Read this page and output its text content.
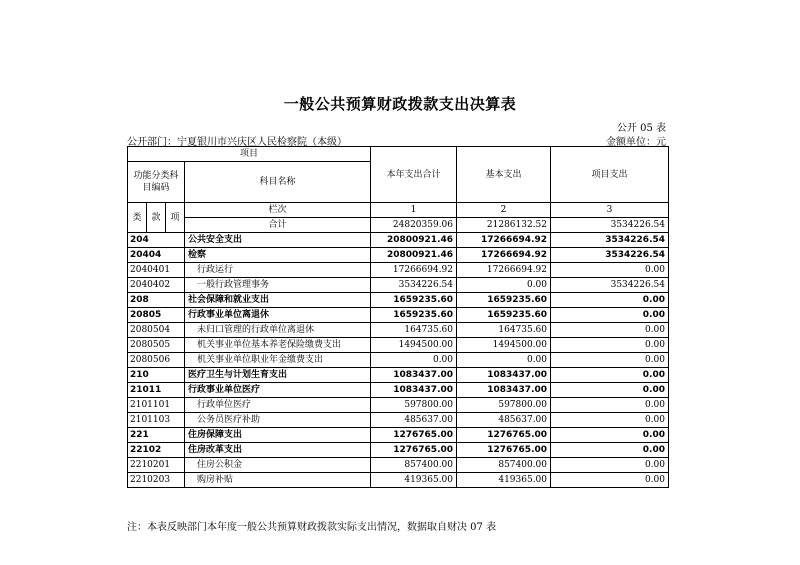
一般公共预算财政拨款支出决算表
公开 05 表
公开部门：宁夏银川市兴庆区人民检察院（本级）	金额单位：元
项目				本年支出合计	基本支出	项目支出
功能分类科目编码			科目名称			

类	款	项				
			栏次	1	2	3
			合计	24820359.06	21286132.52	3534226.54
204			公共安全支出	20800921.46	17266694.92	3534226.54
20404			检察	20800921.46	17266694.92	3534226.54
2040401			行政运行	17266694.92	17266694.92	0.00
2040402			一般行政管理事务	3534226.54	0.00	3534226.54
208			社会保障和就业支出	1659235.60	1659235.60	0.00
20805			行政事业单位离退休	1659235.60	1659235.60	0.00
2080504			未归口管理的行政单位离退休	164735.60	164735.60	0.00
2080505			机关事业单位基本养老保险缴费支出	1494500.00	1494500.00	0.00
2080506			机关事业单位职业年金缴费支出	0.00	0.00	0.00
210			医疗卫生与计划生育支出	1083437.00	1083437.00	0.00
21011			行政事业单位医疗	1083437.00	1083437.00	0.00
2101101			行政单位医疗	597800.00	597800.00	0.00
2101103			公务员医疗补助	485637.00	485637.00	0.00
221			住房保障支出	1276765.00	1276765.00	0.00
22102			住房改革支出	1276765.00	1276765.00	0.00
2210201			住房公积金	857400.00	857400.00	0.00
2210203			购房补贴	419365.00	419365.00	0.00
注：本表反映部门本年度一般公共预算财政拨款实际支出情况，数据取自财决 07 表
